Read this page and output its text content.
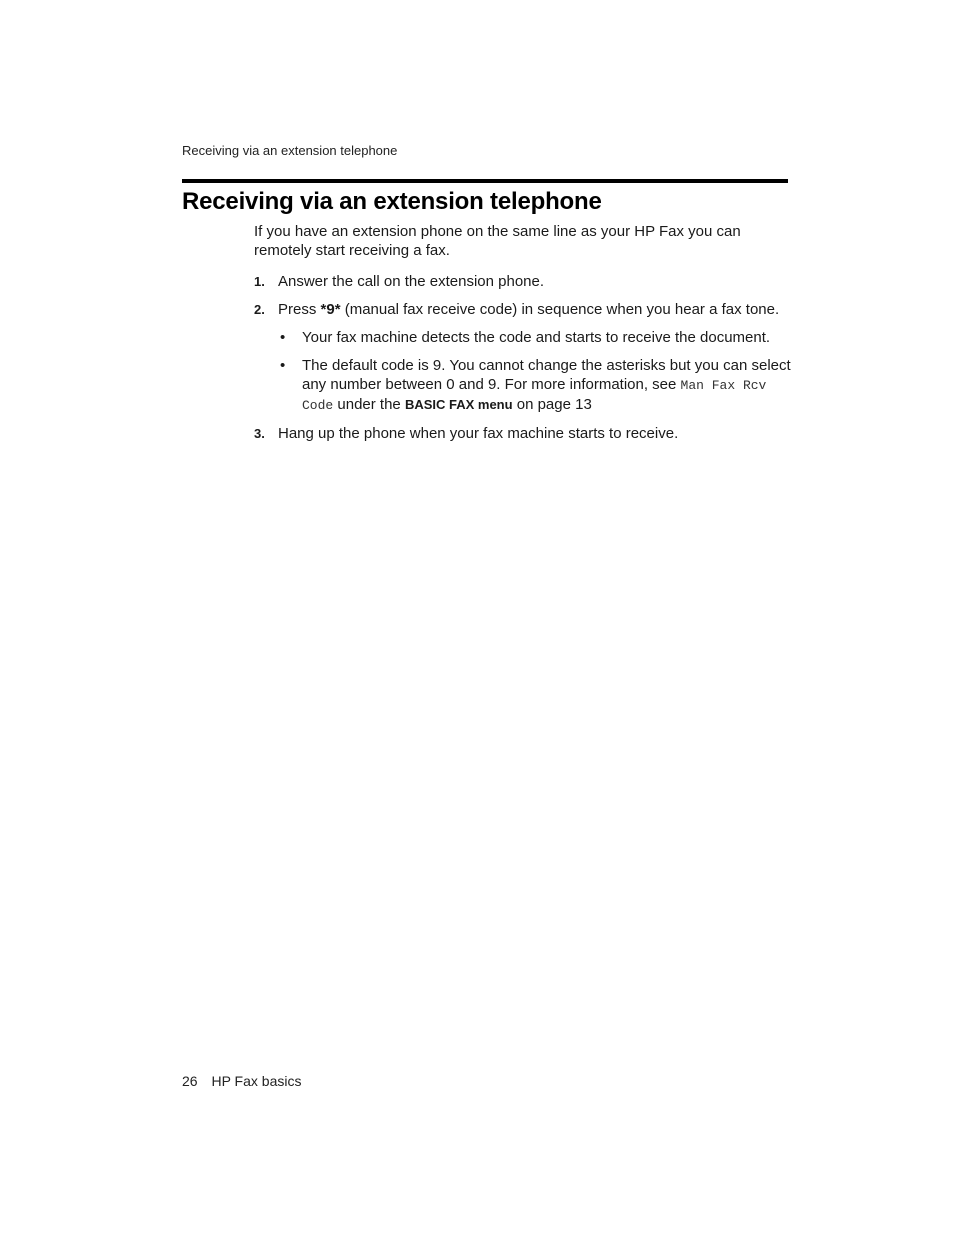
Receiving via an extension telephone
Receiving via an extension telephone

If you have an extension phone on the same line as your HP Fax you can remotely start receiving a fax.

1. Answer the call on the extension phone.
2. Press *9* (manual fax receive code) in sequence when you hear a fax tone.
• Your fax machine detects the code and starts to receive the document.
• The default code is 9. You cannot change the asterisks but you can select any number between 0 and 9. For more information, see Man Fax Rcv Code under the BASIC FAX menu on page 13
3. Hang up the phone when your fax machine starts to receive.
26 HP Fax basics
